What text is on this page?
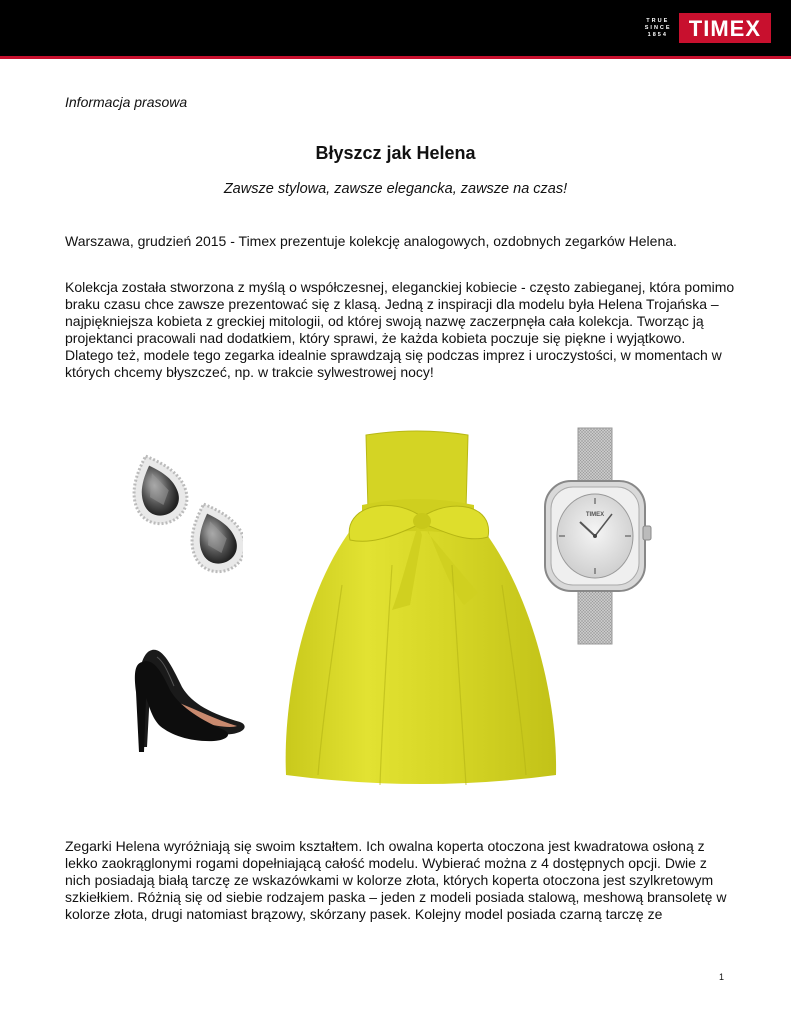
TRUE
SINCE
1854 TIMEX
Informacja prasowa
Błyszcz jak Helena
Zawsze stylowa, zawsze elegancka, zawsze na czas!
Warszawa, grudzień 2015 - Timex prezentuje kolekcję analogowych, ozdobnych zegarków Helena.
Kolekcja została stworzona z myślą o współczesnej, eleganckiej kobiecie - często zabieganej, która pomimo braku czasu chce zawsze prezentować się z klasą. Jedną z inspiracji dla modelu była Helena Trojańska – najpiękniejsza kobieta z greckiej mitologii, od której swoją nazwę zaczerpnęła cała kolekcja. Tworząc ją projektanci pracowali nad dodatkiem, który sprawi, że każda kobieta poczuje się piękne i wyjątkowo. Dlatego też, modele tego zegarka idealnie sprawdzają się podczas imprez i uroczystości, w momentach w których chcemy błyszczeć, np. w trakcie sylwestrowej nocy!
TIMEX
Zegarki Helena wyróżniają się swoim kształtem. Ich owalna koperta otoczona jest kwadratowa osłoną z lekko zaokrąglonymi rogami dopełniającą całość modelu. Wybierać można z 4 dostępnych opcji. Dwie z nich posiadają białą tarczę ze wskazówkami w kolorze złota, których koperta otoczona jest szylkretowym szkiełkiem. Różnią się od siebie rodzajem paska – jeden z modeli posiada stalową, meshową bransoletę w kolorze złota, drugi natomiast brązowy, skórzany pasek. Kolejny model posiada czarną tarczę ze
1
